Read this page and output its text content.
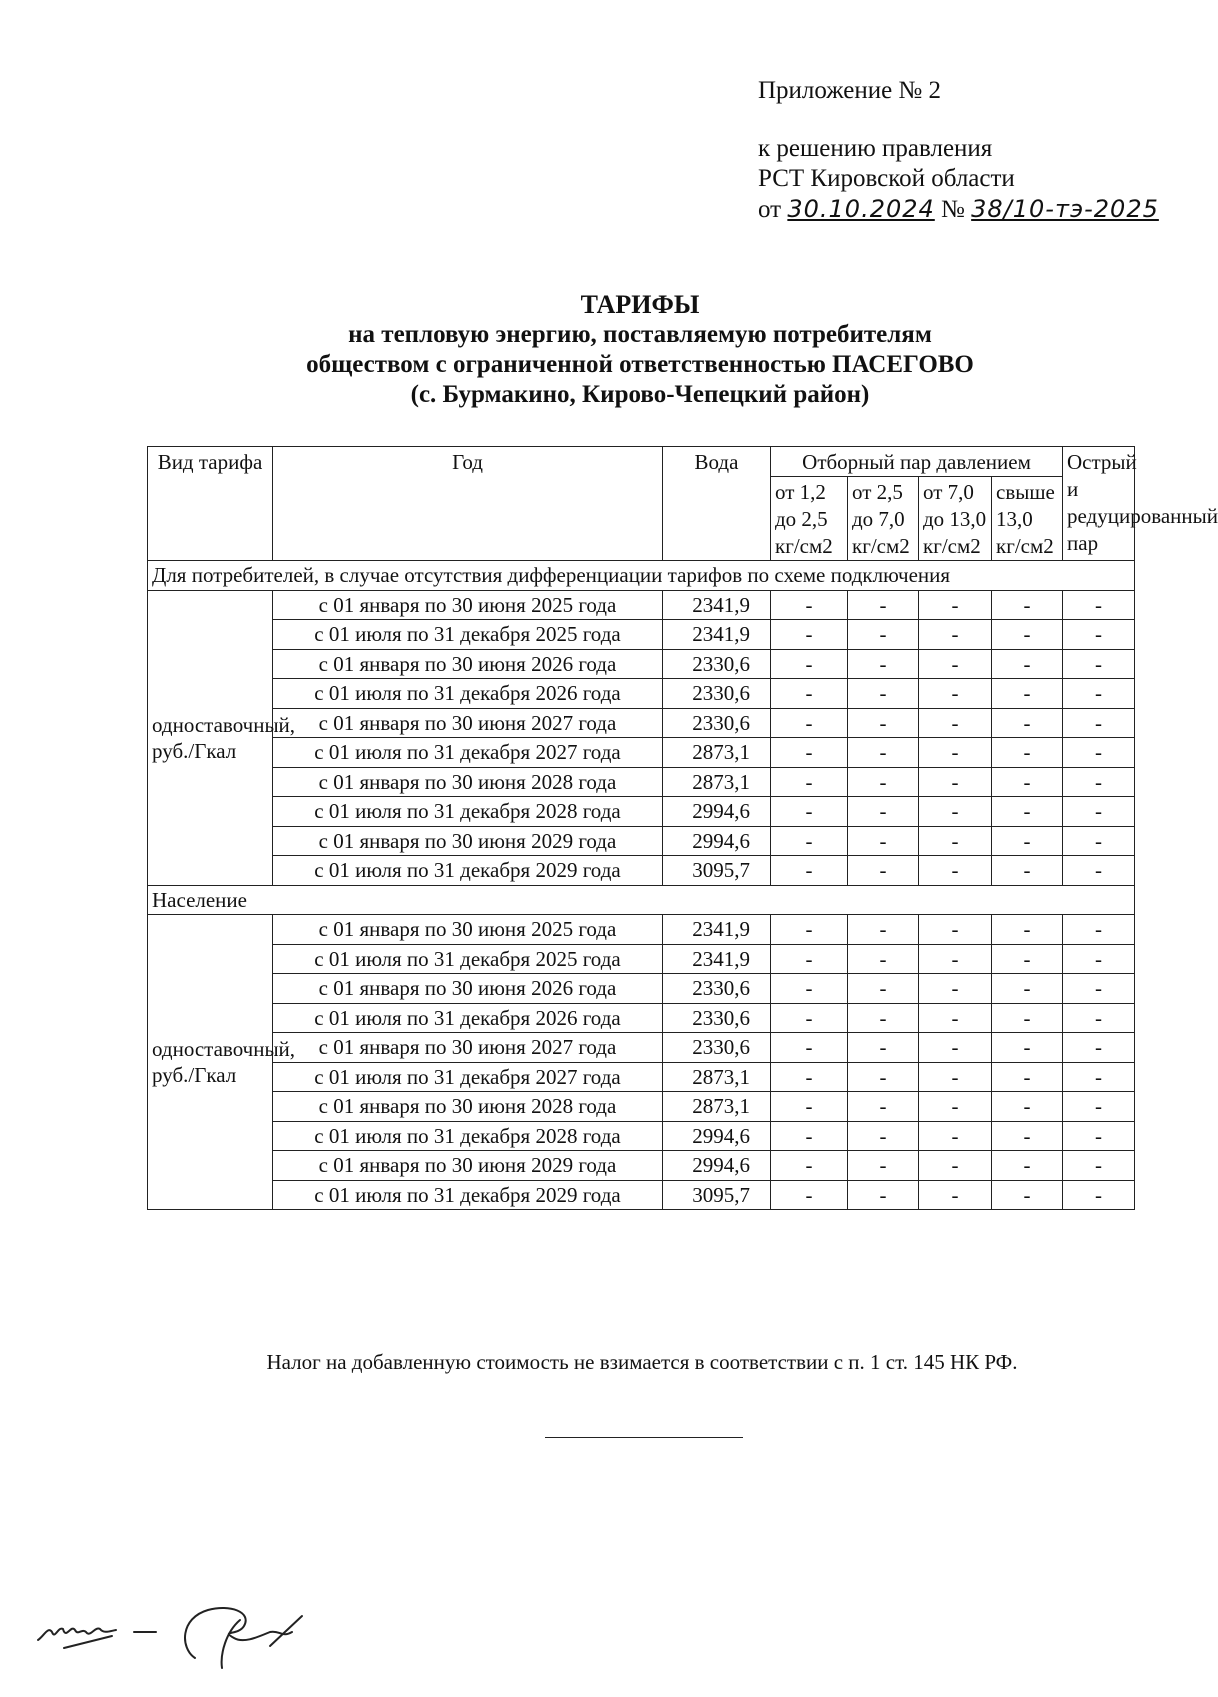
Приложение № 2
к решению правления
РСТ Кировской области
от 30.10.2024 № 38/10-тэ-2025
ТАРИФЫ
на тепловую энергию, поставляемую потребителям
обществом с ограниченной ответственностью ПАСЕГОВО
(с. Бурмакино, Кирово-Чепецкий район)
Вид тарифа	Год	Вода	Отборный пар давлением				Острый и редуцированный пар
			от 1,2 до 2,5 кг/см2	от 2,5 до 7,0 кг/см2	от 7,0 до 13,0 кг/см2	свыше 13,0 кг/см2	
Для потребителей, в случае отсутствия дифференциации тарифов по схеме подключения							
одноставочный, руб./Гкал	с 01 января по 30 июня 2025 года	2341,9	-	-	-	-	-
	с 01 июля по 31 декабря 2025 года	2341,9	-	-	-	-	-
	с 01 января по 30 июня 2026 года	2330,6	-	-	-	-	-
	с 01 июля по 31 декабря 2026 года	2330,6	-	-	-	-	-
	с 01 января по 30 июня 2027 года	2330,6	-	-	-	-	-
	с 01 июля по 31 декабря 2027 года	2873,1	-	-	-	-	-
	с 01 января по 30 июня 2028 года	2873,1	-	-	-	-	-
	с 01 июля по 31 декабря 2028 года	2994,6	-	-	-	-	-
	с 01 января по 30 июня 2029 года	2994,6	-	-	-	-	-
	с 01 июля по 31 декабря 2029 года	3095,7	-	-	-	-	-
Население							
одноставочный, руб./Гкал	с 01 января по 30 июня 2025 года	2341,9	-	-	-	-	-
	с 01 июля по 31 декабря 2025 года	2341,9	-	-	-	-	-
	с 01 января по 30 июня 2026 года	2330,6	-	-	-	-	-
	с 01 июля по 31 декабря 2026 года	2330,6	-	-	-	-	-
	с 01 января по 30 июня 2027 года	2330,6	-	-	-	-	-
	с 01 июля по 31 декабря 2027 года	2873,1	-	-	-	-	-
	с 01 января по 30 июня 2028 года	2873,1	-	-	-	-	-
	с 01 июля по 31 декабря 2028 года	2994,6	-	-	-	-	-
	с 01 января по 30 июня 2029 года	2994,6	-	-	-	-	-
	с 01 июля по 31 декабря 2029 года	3095,7	-	-	-	-	-
Налог на добавленную стоимость не взимается в соответствии с п. 1 ст. 145 НК РФ.
